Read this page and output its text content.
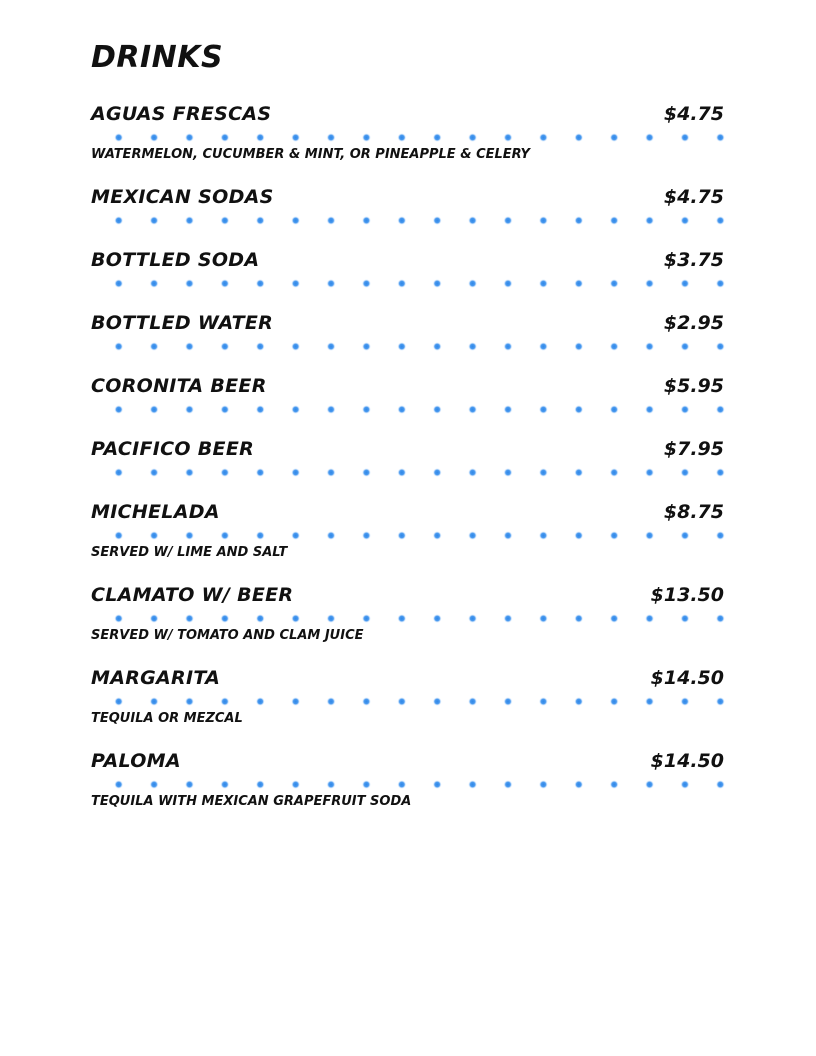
DRINKS
AGUAS FRESCAS	$4.75
WATERMELON, CUCUMBER & MINT, OR PINEAPPLE & CELERY
MEXICAN SODAS	$4.75
BOTTLED SODA	$3.75
BOTTLED WATER	$2.95
CORONITA BEER	$5.95
PACIFICO BEER	$7.95
MICHELADA	$8.75
SERVED W/ LIME AND SALT
CLAMATO W/ BEER	$13.50
SERVED W/ TOMATO AND CLAM JUICE
MARGARITA	$14.50
TEQUILA OR MEZCAL
PALOMA	$14.50
TEQUILA WITH MEXICAN GRAPEFRUIT SODA
